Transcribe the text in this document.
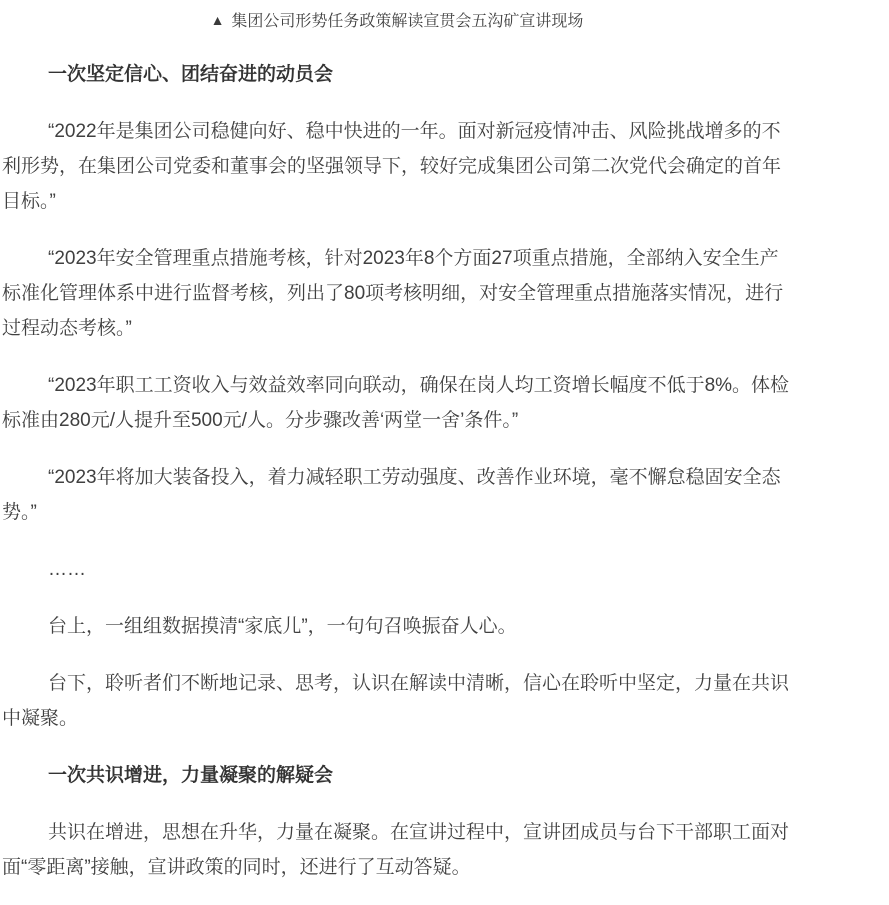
▲ 集团公司形势任务政策解读宣贯会五沟矿宣讲现场

一次坚定信心、团结奋进的动员会

“2022年是集团公司稳健向好、稳中快进的一年。面对新冠疫情冲击、风险挑战增多的不利形势，在集团公司党委和董事会的坚强领导下，较好完成集团公司第二次党代会确定的首年目标。”

“2023年安全管理重点措施考核，针对2023年8个方面27项重点措施，全部纳入安全生产标准化管理体系中进行监督考核，列出了80项考核明细，对安全管理重点措施落实情况，进行过程动态考核。”

“2023年职工工资收入与效益效率同向联动，确保在岗人均工资增长幅度不低于8%。体检标准由280元/人提升至500元/人。分步骤改善‘两堂一舍’条件。”

“2023年将加大装备投入，着力减轻职工劳动强度、改善作业环境，毫不懈怠稳固安全态势。”

……

台上，一组组数据摸清“家底儿”，一句句召唤振奋人心。

台下，聆听者们不断地记录、思考，认识在解读中清晰，信心在聆听中坚定，力量在共识中凝聚。

一次共识增进，力量凝聚的解疑会

共识在增进，思想在升华，力量在凝聚。在宣讲过程中，宣讲团成员与台下干部职工面对面“零距离”接触，宣讲政策的同时，还进行了互动答疑。
